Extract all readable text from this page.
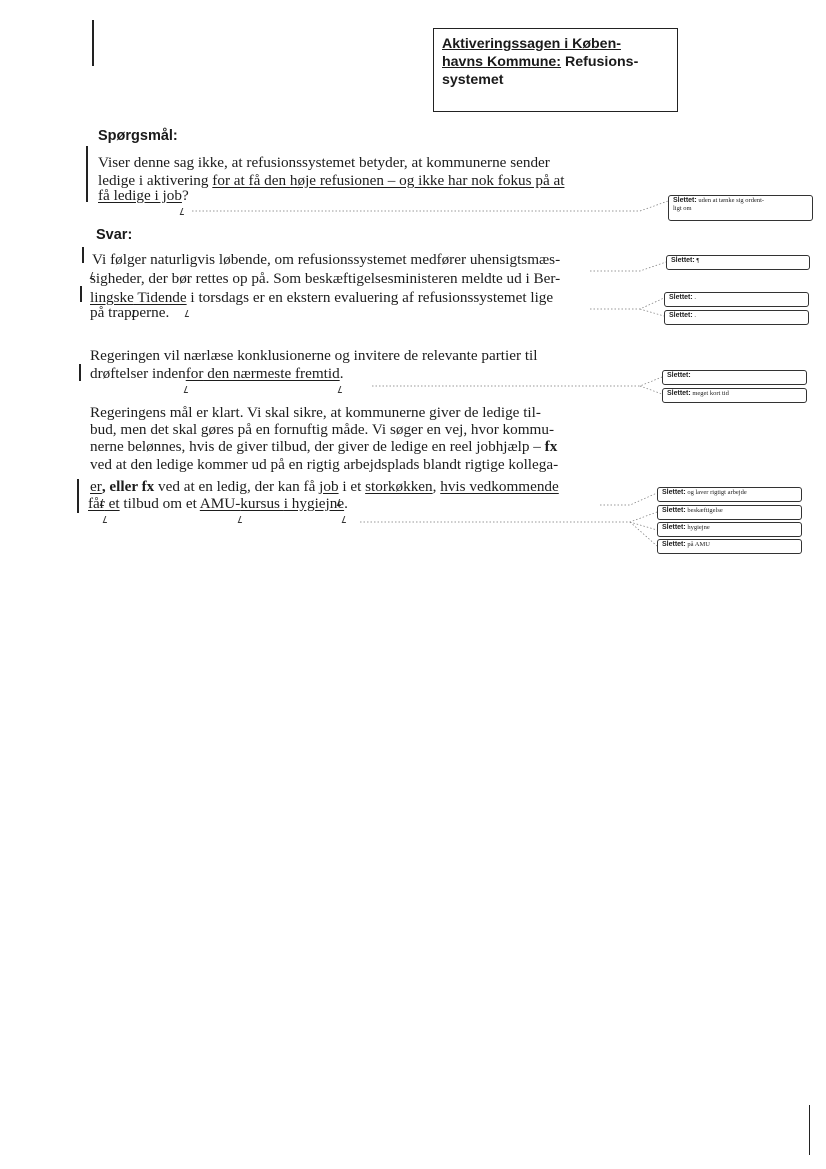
Aktiveringssagen i Køben-
havns Kommune: Refusions-
systemet
Spørgsmål:
Viser denne sag ikke, at refusionssystemet betyder, at kommunerne sender
ledige i aktivering for at få den høje refusionen – og ikke har nok fokus på at
få ledige i job?
Svar:
Vi følger naturligvis løbende, om refusionssystemet medfører uhensigtsmæs-
sigheder, der bør rettes op på. Som beskæftigelsesministeren meldte ud i Ber-
lingske Tidende i torsdags er en ekstern evaluering af refusionssystemet lige
på trapperne.
Regeringen vil nærlæse konklusionerne og invitere de relevante partier til
drøftelser indenfor den nærmeste fremtid.
Regeringens mål er klart. Vi skal sikre, at kommunerne giver de ledige til-
bud, men det skal gøres på en fornuftig måde. Vi søger en vej, hvor kommu-
nerne belønnes, hvis de giver tilbud, der giver de ledige en reel jobhjælp – fx
ved at den ledige kommer ud på en rigtig arbejdsplads blandt rigtige kollega-
er, eller fx ved at en ledig, der kan få job i et storkøkken, hvis vedkommende
får et tilbud om et AMU-kursus i hygiejne.
Slettet: uden at tænke sig ordent-
ligt om
Slettet: ¶
Slettet: .
Slettet: .
Slettet:
Slettet: meget kort tid
Slettet: og laver rigtigt arbejde
Slettet: beskæftigelse
Slettet: hygiejne
Slettet: på AMU
